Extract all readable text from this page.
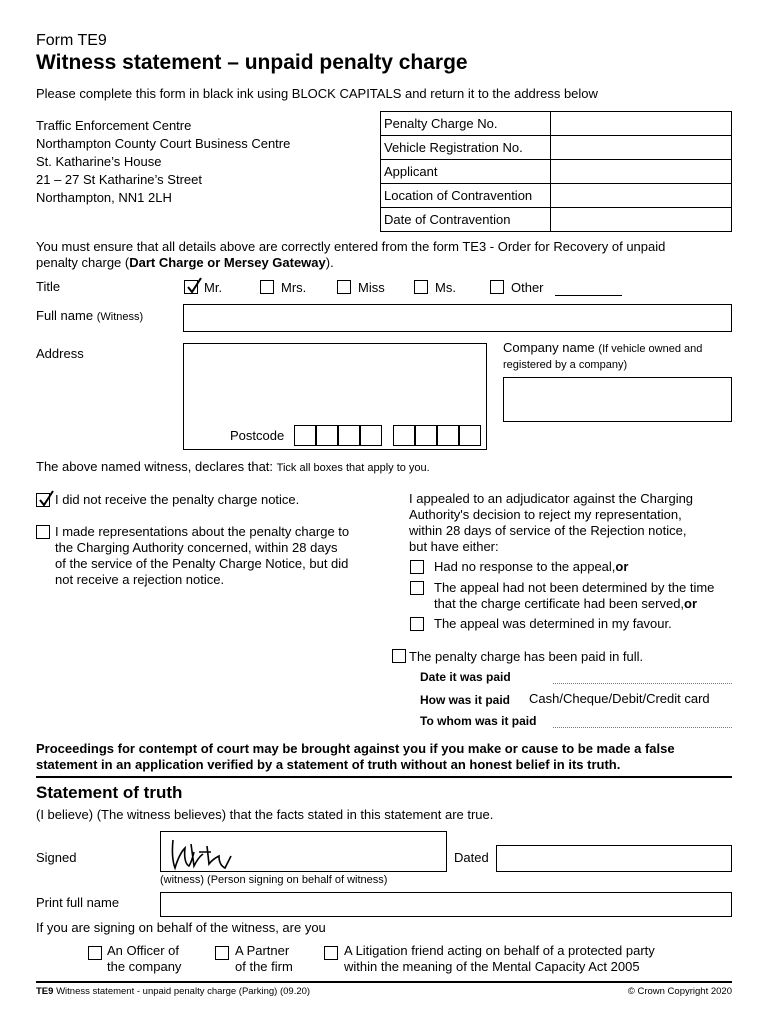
Form TE9
Witness statement – unpaid penalty charge
Please complete this form in black ink using BLOCK CAPITALS and return it to the address below
Traffic Enforcement Centre
Northampton County Court Business Centre
St. Katharine’s House
21 – 27 St Katharine’s Street
Northampton, NN1 2LH
Penalty Charge No.	
Vehicle Registration No.	
Applicant	
Location of Contravention	
Date of Contravention	
You must ensure that all details above are correctly entered from the form TE3 - Order for Recovery of unpaid
penalty charge (Dart Charge or Mersey Gateway).
Title	Mr.	Mrs.	Miss	Ms.	Other
Full name (Witness)
Address
Postcode
Company name (If vehicle owned and
registered by a company)
The above named witness, declares that: Tick all boxes that apply to you.
I did not receive the penalty charge notice.
I made representations about the penalty charge to
the Charging Authority concerned, within 28 days
of the service of the Penalty Charge Notice, but did
not receive a rejection notice.
I appealed to an adjudicator against the Charging
Authority's decision to reject my representation,
within 28 days of service of the Rejection notice,
but have either:
Had no response to the appeal,or
The appeal had not been determined by the time
that the charge certificate had been served,or
The appeal was determined in my favour.
The penalty charge has been paid in full.
Date it was paid
How was it paid Cash/Cheque/Debit/Credit card
To whom was it paid
Proceedings for contempt of court may be brought against you if you make or cause to be made a false
statement in an application verified by a statement of truth without an honest belief in its truth.
Statement of truth
(I believe) (The witness believes) that the facts stated in this statement are true.
Signed
(witness) (Person signing on behalf of witness)
Dated
Print full name
If you are signing on behalf of the witness, are you
An Officer of
the company
A Partner
of the firm
A Litigation friend acting on behalf of a protected party
within the meaning of the Mental Capacity Act 2005
TE9 Witness statement - unpaid penalty charge (Parking) (09.20)	© Crown Copyright 2020
